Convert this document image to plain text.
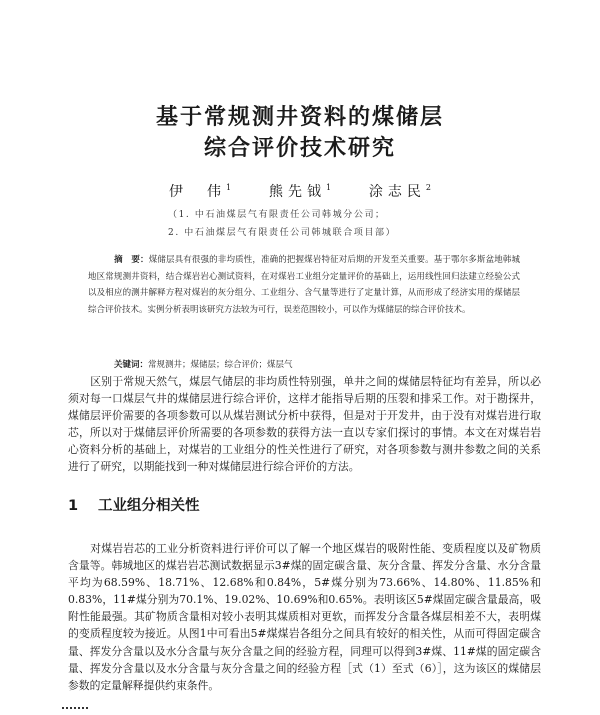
基于常规测井资料的煤储层
综合评价技术研究
伊　伟$^1$	熊先钺$^1$	涂志民$^2$
（1. 中石油煤层气有限责任公司韩城分公司；
2. 中石油煤层气有限责任公司韩城联合项目部）
摘　要：煤储层具有很强的非均质性，准确的把握煤岩特征对后期的开发至关重要。基于鄂尔多斯盆地韩城地区常规测井资料，结合煤岩岩心测试资料，在对煤岩工业组分定量评价的基础上，运用线性回归法建立经验公式以及相应的测井解释方程对煤岩的灰分组分、工业组分、含气量等进行了定量计算，从而形成了经济实用的煤储层综合评价技术。实例分析表明该研究方法较为可行，误差范围较小，可以作为煤储层的综合评价技术。
关键词：常规测井；煤储层；综合评价；煤层气
区别于常规天然气，煤层气储层的非均质性特别强，单井之间的煤储层特征均有差异，所以必须对每一口煤层气井的煤储层进行综合评价，这样才能指导后期的压裂和排采工作。对于勘探井，煤储层评价需要的各项参数可以从煤岩测试分析中获得，但是对于开发井，由于没有对煤岩进行取芯，所以对于煤储层评价所需要的各项参数的获得方法一直以专家们探讨的事情。本文在对煤岩岩心资料分析的基础上，对煤岩的工业组分的性关性进行了研究，对各项参数与测井参数之间的关系进行了研究，以期能找到一种对煤储层进行综合评价的方法。
1 工业组分相关性
对煤岩岩芯的工业分析资料进行评价可以了解一个地区煤岩的吸附性能、变质程度以及矿物质含量等。韩城地区的煤岩岩芯测试数据显示3#煤的固定碳含量、灰分含量、挥发分含量、水分含量平均为68.59%、18.71%、12.68%和0.84%，5#煤分别为73.66%、14.80%、11.85%和0.83%，11#煤分别为70.1%、19.02%、10.69%和0.65%。表明该区5#煤固定碳含量最高，吸附性能最强。其矿物质含量相对较小表明其煤质相对更软，而挥发分含量各煤层相差不大，表明煤的变质程度较为接近。从图1中可看出5#煤煤岩各组分之间具有较好的相关性，从而可得固定碳含量、挥发分含量以及水分含量与灰分含量之间的经验方程，同理可以得到3#煤、11#煤的固定碳含量、挥发分含量以及水分含量与灰分含量之间的经验方程［式（1）至式（6）］，这为该区的煤储层参数的定量解释提供约束条件。
